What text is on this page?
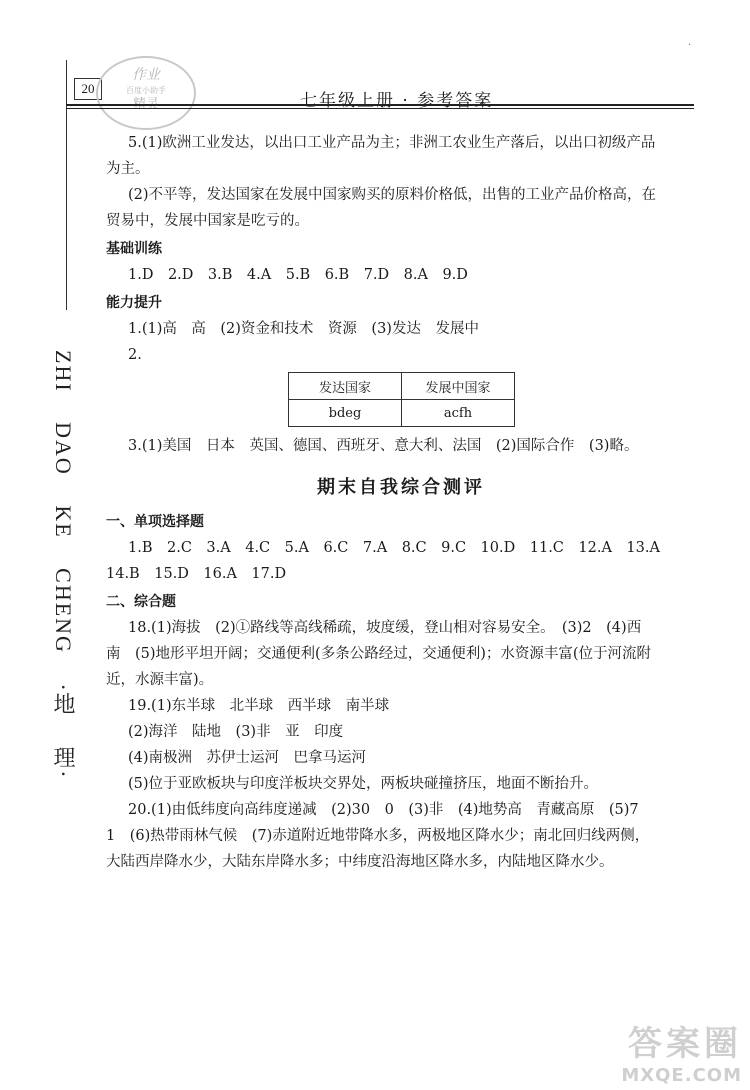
20
作业
百度小助手
精灵	七年级上册 · 参考答案
·
ZHI DAO KE CHENG ·地 理·
5.(1)欧洲工业发达，以出口工业产品为主；非洲工农业生产落后，以出口初级产品
为主。
(2)不平等，发达国家在发展中国家购买的原料价格低，出售的工业产品价格高，在
贸易中，发展中国家是吃亏的。
基础训练
1.D　2.D　3.B　4.A　5.B　6.B　7.D　8.A　9.D
能力提升
1.(1)高　高　(2)资金和技术　资源　(3)发达　发展中
2.
发达国家	发展中国家
bdeg	acfh
3.(1)美国　日本　英国、德国、西班牙、意大利、法国　(2)国际合作　(3)略。
期末自我综合测评
一、单项选择题
1.B　2.C　3.A　4.C　5.A　6.C　7.A　8.C　9.C　10.D　11.C　12.A　13.A
14.B　15.D　16.A　17.D
二、综合题
18.(1)海拔　(2)①路线等高线稀疏，坡度缓，登山相对容易安全。　(3)2　(4)西
南　(5)地形平坦开阔；交通便利(多条公路经过，交通便利)；水资源丰富(位于河流附
近，水源丰富)。
19.(1)东半球　北半球　西半球　南半球
(2)海洋　陆地　(3)非　亚　印度
(4)南极洲　苏伊士运河　巴拿马运河
(5)位于亚欧板块与印度洋板块交界处，两板块碰撞挤压，地面不断抬升。
20.(1)由低纬度向高纬度递减　(2)30　0　(3)非　(4)地势高　青藏高原　(5)7
1　(6)热带雨林气候　(7)赤道附近地带降水多，两极地区降水少；南北回归线两侧，
大陆西岸降水少，大陆东岸降水多；中纬度沿海地区降水多，内陆地区降水少。
答案圈
MXQE.COM
